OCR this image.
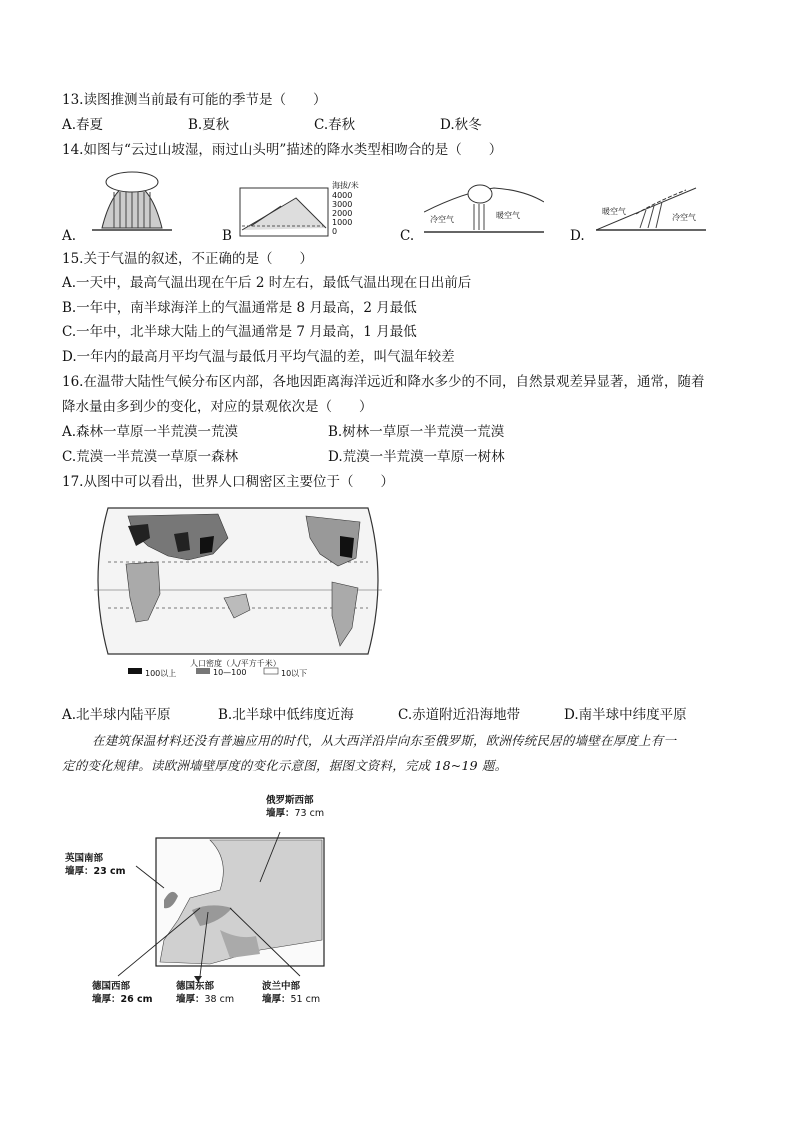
13.读图推测当前最有可能的季节是（　　）
A.春夏	B.夏秋	C.春秋	D.秋冬
14.如图与“云过山坡湿，雨过山头明”描述的降水类型相吻合的是（　　）
A.	B
海拔/米
4000
3000
2000
1000
0	C.
冷空气	暖空气
D.
暖空气
冷空气
15.关于气温的叙述，不正确的是（　　）
A.一天中，最高气温出现在午后 2 时左右，最低气温出现在日出前后
B.一年中，南半球海洋上的气温通常是 8 月最高，2 月最低
C.一年中，北半球大陆上的气温通常是 7 月最高，1 月最低
D.一年内的最高月平均气温与最低月平均气温的差，叫气温年较差
16.在温带大陆性气候分布区内部，各地因距离海洋远近和降水多少的不同，自然景观差异显著，通常，随着
降水量由多到少的变化，对应的景观依次是（　　）
A.森林一草原一半荒漠一荒漠	B.树林一草原一半荒漠一荒漠
C.荒漠一半荒漠一草原一森林	D.荒漠一半荒漠一草原一树林
17.从图中可以看出，世界人口稠密区主要位于（　　）
人口密度（人/平方千米）
100以上	10—100	10以下
A.北半球内陆平原	B.北半球中低纬度近海	C.赤道附近沿海地带	D.南半球中纬度平原
在建筑保温材料还没有普遍应用的时代，从大西洋沿岸向东至俄罗斯，欧洲传统民居的墙壁在厚度上有一
定的变化规律。读欧洲墙壁厚度的变化示意图，据图文资料，完成 18~19 题。
俄罗斯西部
墙厚：73 cm
英国南部
墙厚：23 cm
德国西部
墙厚：26 cm
德国东部
墙厚：38 cm
波兰中部
墙厚：51 cm
